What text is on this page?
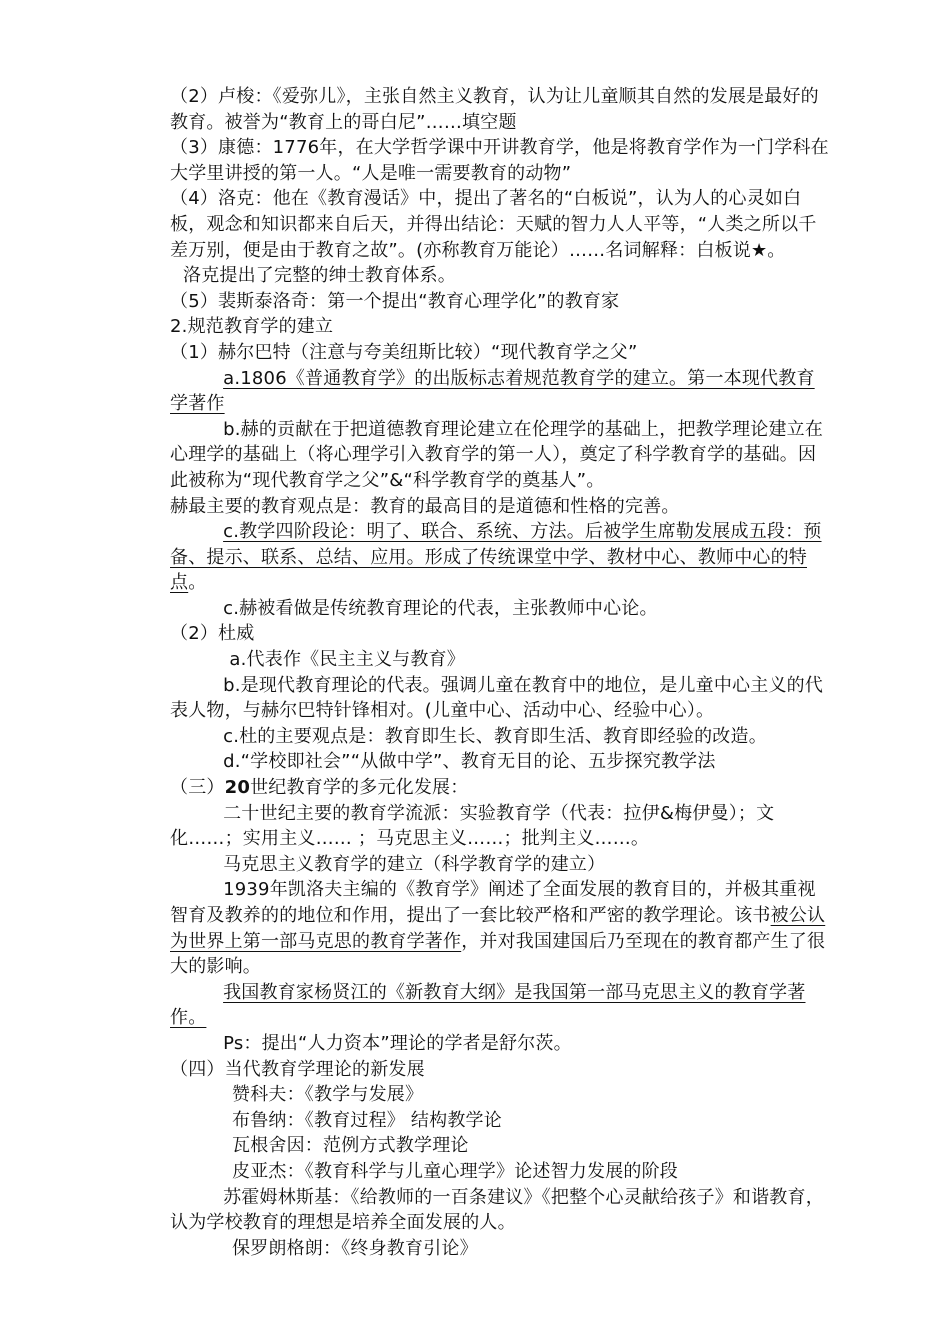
（2）卢梭：《爱弥儿》，主张自然主义教育，认为让儿童顺其自然的发展是最好的教育。被誉为“教育上的哥白尼”……填空题

（3）康德：1776年，在大学哲学课中开讲教育学，他是将教育学作为一门学科在大学里讲授的第一人。“人是唯一需要教育的动物”

（4）洛克：他在《教育漫话》中，提出了著名的“白板说”，认为人的心灵如白板，观念和知识都来自后天，并得出结论：天赋的智力人人平等，“人类之所以千差万别，便是由于教育之故”。(亦称教育万能论）……名词解释：白板说★。

洛克提出了完整的绅士教育体系。

（5）裴斯泰洛奇：第一个提出“教育心理学化”的教育家

2.规范教育学的建立

（1）赫尔巴特（注意与夸美纽斯比较）“现代教育学之父”

a.1806《普通教育学》的出版标志着规范教育学的建立。第一本现代教育学著作

b.赫的贡献在于把道德教育理论建立在伦理学的基础上，把教学理论建立在心理学的基础上（将心理学引入教育学的第一人），奠定了科学教育学的基础。因此被称为“现代教育学之父”&“科学教育学的奠基人”。

赫最主要的教育观点是：教育的最高目的是道德和性格的完善。

c.教学四阶段论：明了、联合、系统、方法。后被学生席勒发展成五段：预备、提示、联系、总结、应用。形成了传统课堂中学、教材中心、教师中心的特点。

c.赫被看做是传统教育理论的代表，主张教师中心论。

（2）杜威

a.代表作《民主主义与教育》

b.是现代教育理论的代表。强调儿童在教育中的地位，是儿童中心主义的代表人物，与赫尔巴特针锋相对。(儿童中心、活动中心、经验中心）。

c.杜的主要观点是：教育即生长、教育即生活、教育即经验的改造。

d.“学校即社会”“从做中学”、教育无目的论、五步探究教学法

（三）20世纪教育学的多元化发展：

二十世纪主要的教育学流派：实验教育学（代表：拉伊&梅伊曼）；文化……；实用主义…… ；马克思主义……；批判主义……。

马克思主义教育学的建立（科学教育学的建立）

1939年凯洛夫主编的《教育学》阐述了全面发展的教育目的，并极其重视智育及教养的的地位和作用，提出了一套比较严格和严密的教学理论。该书被公认为世界上第一部马克思的教育学著作，并对我国建国后乃至现在的教育都产生了很大的影响。

我国教育家杨贤江的《新教育大纲》是我国第一部马克思主义的教育学著作。

Ps：提出“人力资本”理论的学者是舒尔茨。

（四）当代教育学理论的新发展

赞科夫：《教学与发展》

布鲁纳：《教育过程》 结构教学论

瓦根舍因：范例方式教学理论

皮亚杰：《教育科学与儿童心理学》论述智力发展的阶段

苏霍姆林斯基：《给教师的一百条建议》《把整个心灵献给孩子》和谐教育，认为学校教育的理想是培养全面发展的人。

保罗朗格朗：《终身教育引论》
